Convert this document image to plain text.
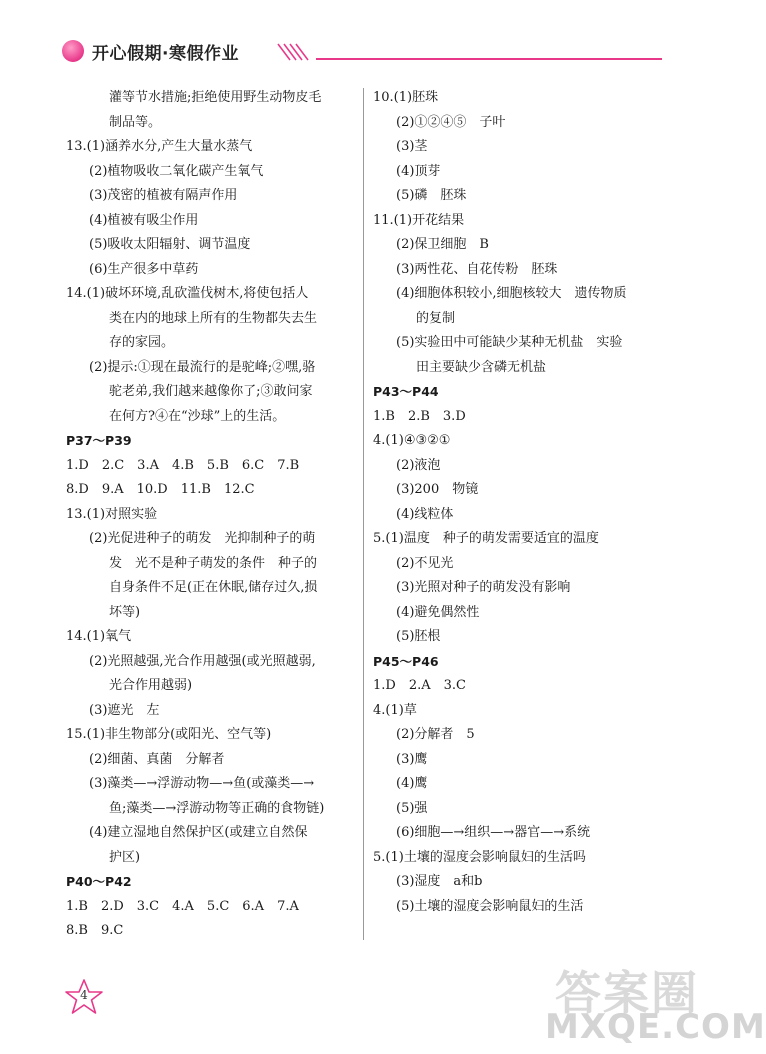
开心假期·寒假作业
灌等节水措施;拒绝使用野生动物皮毛
制品等。
13.(1)涵养水分,产生大量水蒸气
(2)植物吸收二氧化碳产生氧气
(3)茂密的植被有隔声作用
(4)植被有吸尘作用
(5)吸收太阳辐射、调节温度
(6)生产很多中草药
14.(1)破坏环境,乱砍滥伐树木,将使包括人
类在内的地球上所有的生物都失去生
存的家园。
(2)提示:①现在最流行的是驼峰;②嘿,骆
驼老弟,我们越来越像你了;③敢问家
在何方?④在“沙球”上的生活。
P37～P39
1.D　2.C　3.A　4.B　5.B　6.C　7.B
8.D　9.A　10.D　11.B　12.C
13.(1)对照实验
(2)光促进种子的萌发　光抑制种子的萌
发　光不是种子萌发的条件　种子的
自身条件不足(正在休眠,储存过久,损
坏等)
14.(1)氧气
(2)光照越强,光合作用越强(或光照越弱,
光合作用越弱)
(3)遮光　左
15.(1)非生物部分(或阳光、空气等)
(2)细菌、真菌　分解者
(3)藻类—→浮游动物—→鱼(或藻类—→
鱼;藻类—→浮游动物等正确的食物链)
(4)建立湿地自然保护区(或建立自然保
护区)
P40～P42
1.B　2.D　3.C　4.A　5.C　6.A　7.A
8.B　9.C
10.(1)胚珠
(2)①②④⑤　子叶
(3)茎
(4)顶芽
(5)磷　胚珠
11.(1)开花结果
(2)保卫细胞　B
(3)两性花、自花传粉　胚珠
(4)细胞体积较小,细胞核较大　遗传物质
的复制
(5)实验田中可能缺少某种无机盐　实验
田主要缺少含磷无机盐
P43～P44
1.B　2.B　3.D
4.(1)④③②①
(2)液泡
(3)200　物镜
(4)线粒体
5.(1)温度　种子的萌发需要适宜的温度
(2)不见光
(3)光照对种子的萌发没有影响
(4)避免偶然性
(5)胚根
P45～P46
1.D　2.A　3.C
4.(1)草
(2)分解者　5
(3)鹰
(4)鹰
(5)强
(6)细胞—→组织—→器官—→系统
5.(1)土壤的湿度会影响鼠妇的生活吗
(3)湿度　a和b
(5)土壤的湿度会影响鼠妇的生活
4	答案圈
MXQE.COM
